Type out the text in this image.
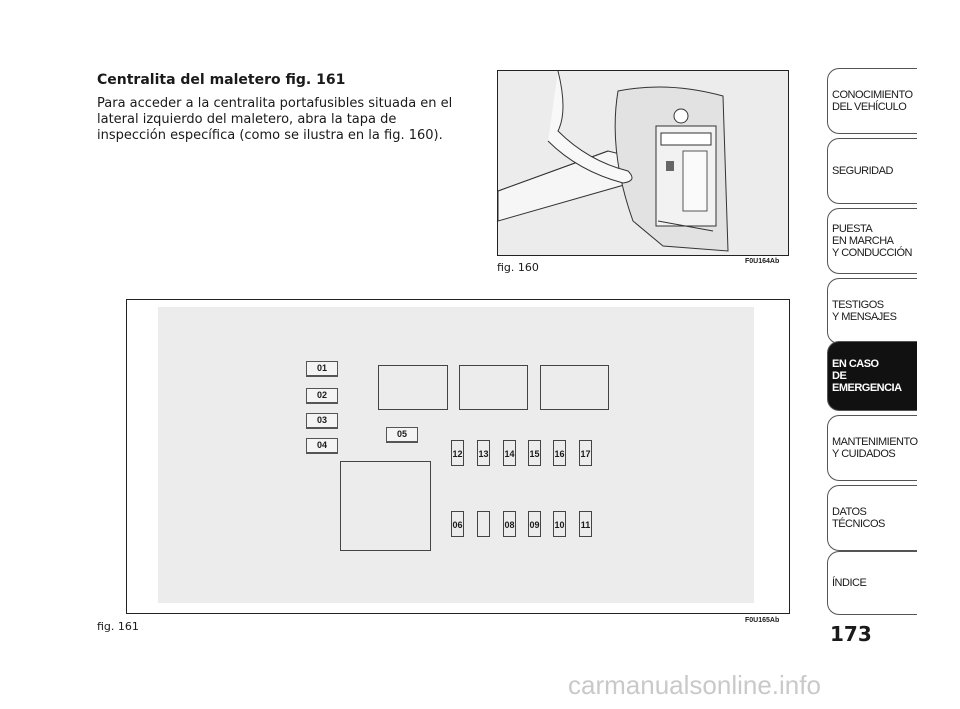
Centralita del maletero fig. 161
Para acceder a la centralita portafusibles situada en el lateral izquierdo del maletero, abra la tapa de inspección específica (como se ilustra en la fig. 160).
fig. 160	F0U164Ab
01
02
03
04
05
12 13 14 15 16 17
06	08 09 10 11
fig. 161	F0U165Ab
CONOCIMIENTO
DEL VEHÍCULO
SEGURIDAD
PUESTA
EN MARCHA
Y CONDUCCIÓN
TESTIGOS
Y MENSAJES
EN CASO
DE EMERGENCIA
MANTENIMIENTO
Y CUIDADOS
DATOS TÉCNICOS
ÍNDICE
173
carmanualsonline.info
